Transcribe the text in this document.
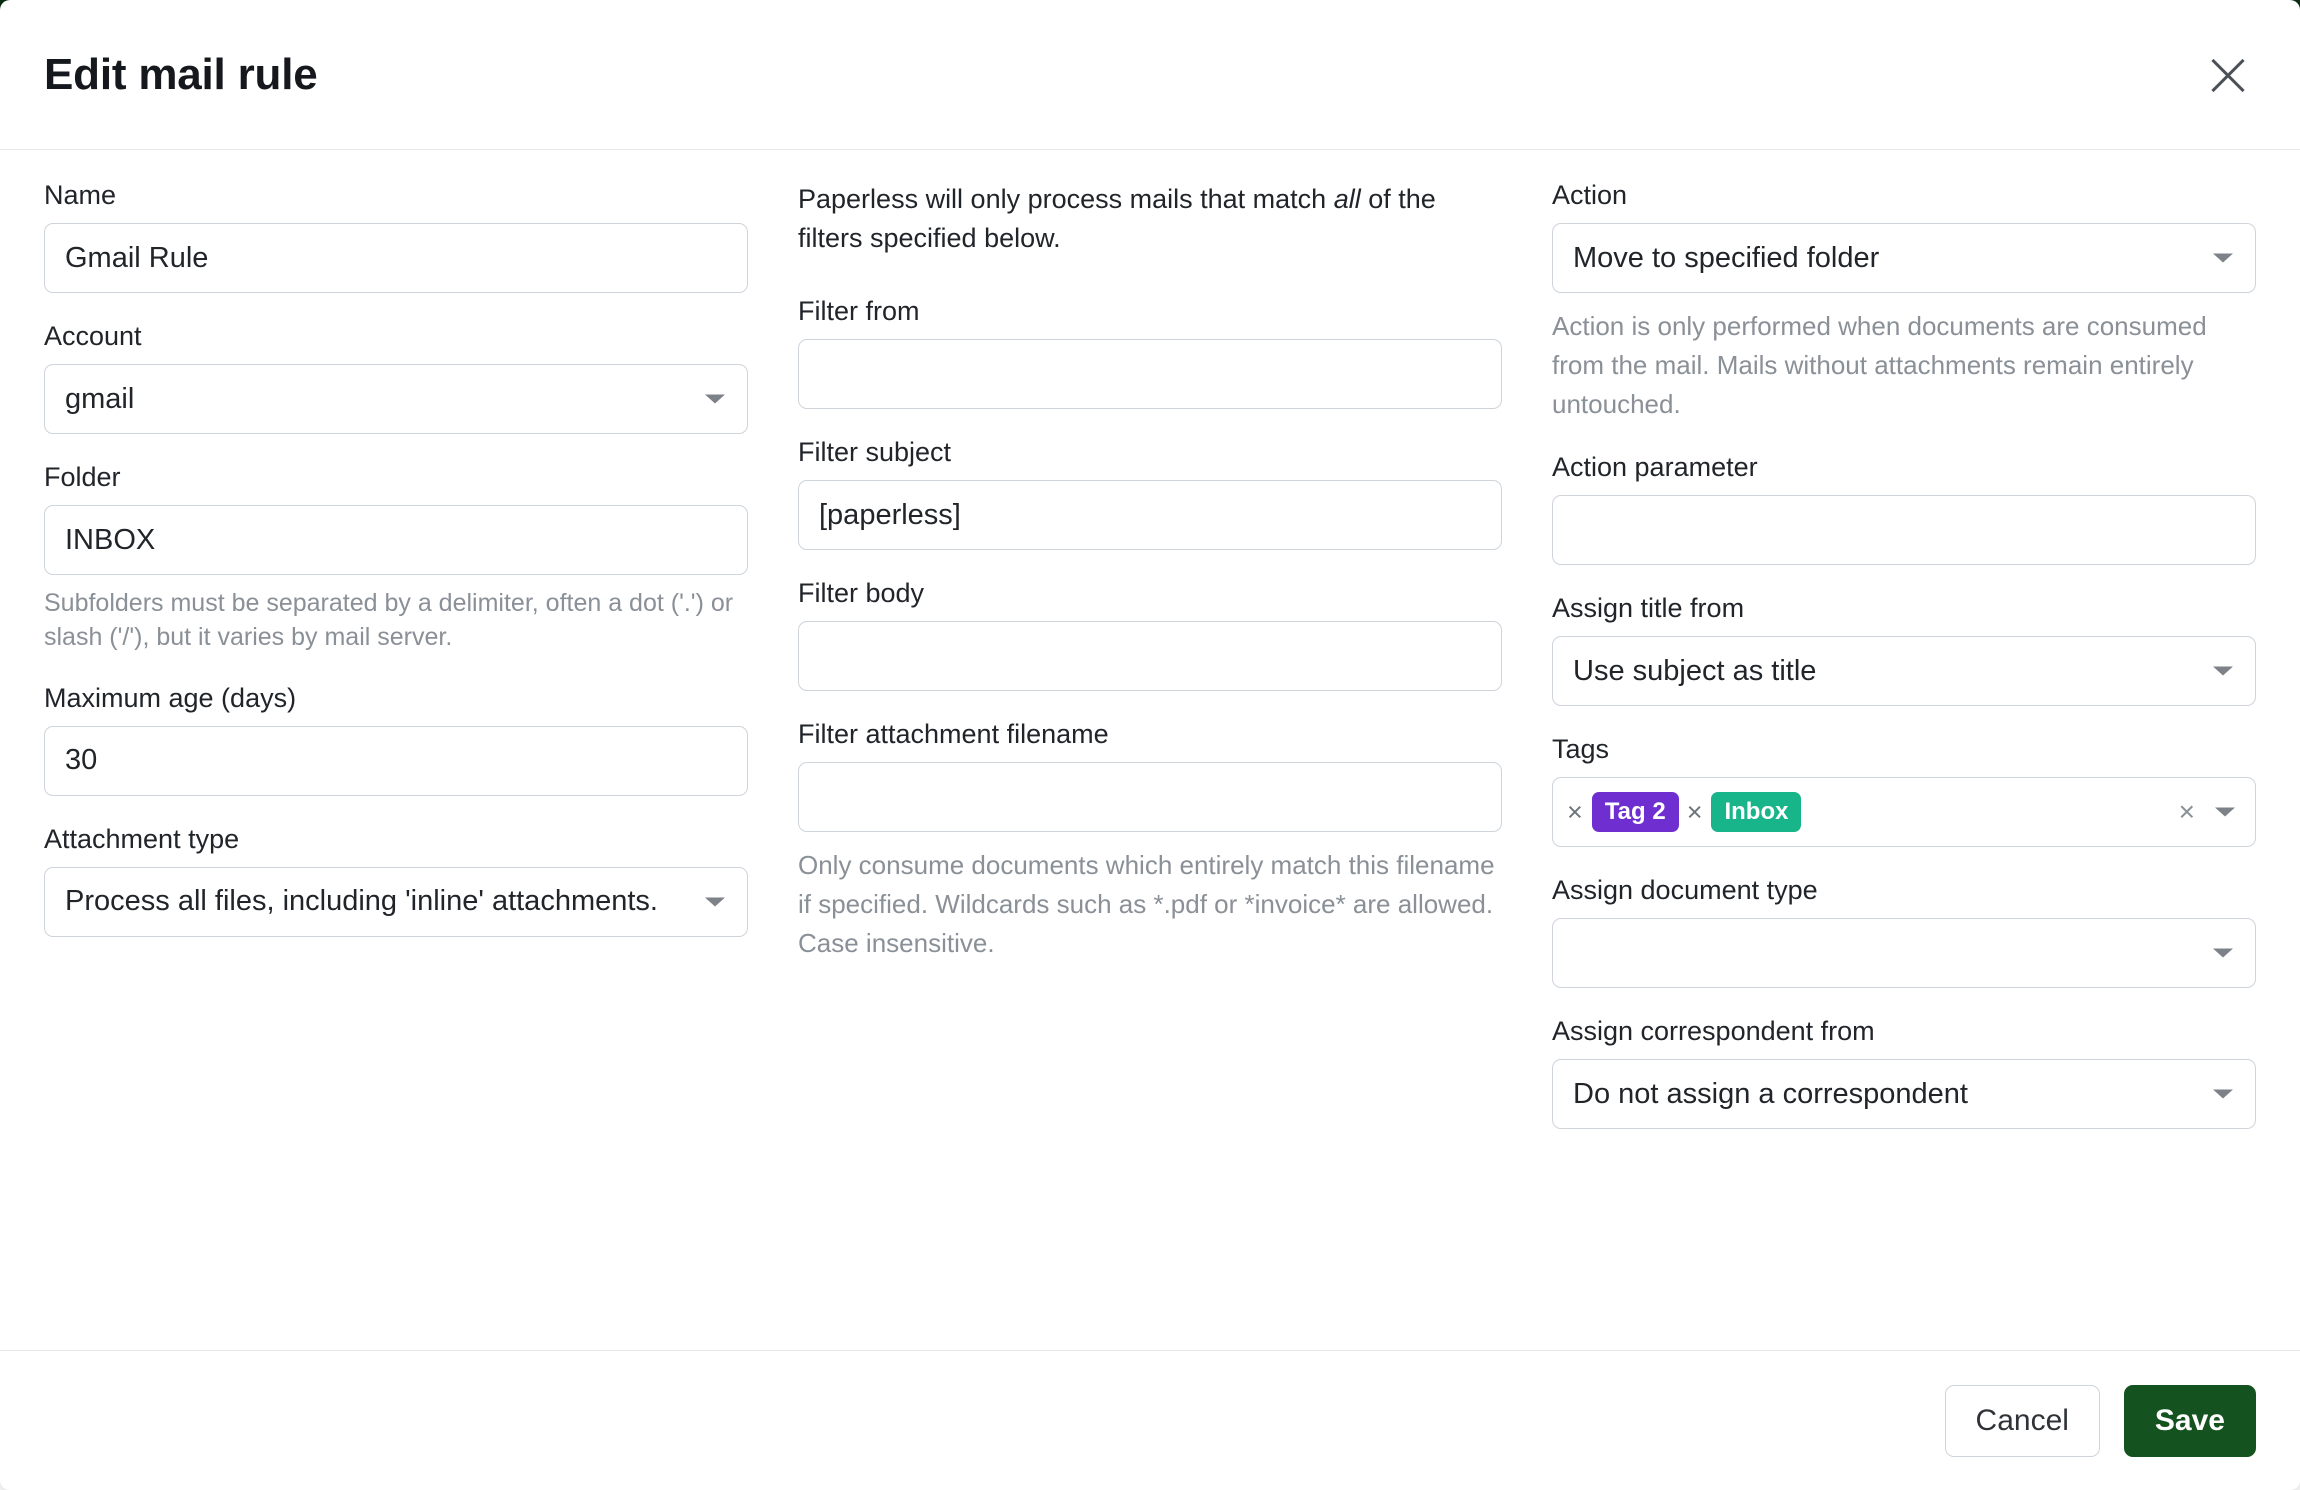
Edit mail rule
Name
Gmail Rule
Account
gmail
Folder
INBOX
Subfolders must be separated by a delimiter, often a dot ('.') or slash ('/'), but it varies by mail server.
Maximum age (days)
30
Attachment type
Process all files, including 'inline' attachments.
Paperless will only process mails that match all of the filters specified below.
Filter from
Filter subject
[paperless]
Filter body
Filter attachment filename
Only consume documents which entirely match this filename if specified. Wildcards such as *.pdf or *invoice* are allowed. Case insensitive.
Action
Move to specified folder
Action is only performed when documents are consumed from the mail. Mails without attachments remain entirely untouched.
Action parameter
Assign title from
Use subject as title
Tags
× Tag 2 × Inbox	×
Assign document type
Assign correspondent from
Do not assign a correspondent
Cancel	Save
